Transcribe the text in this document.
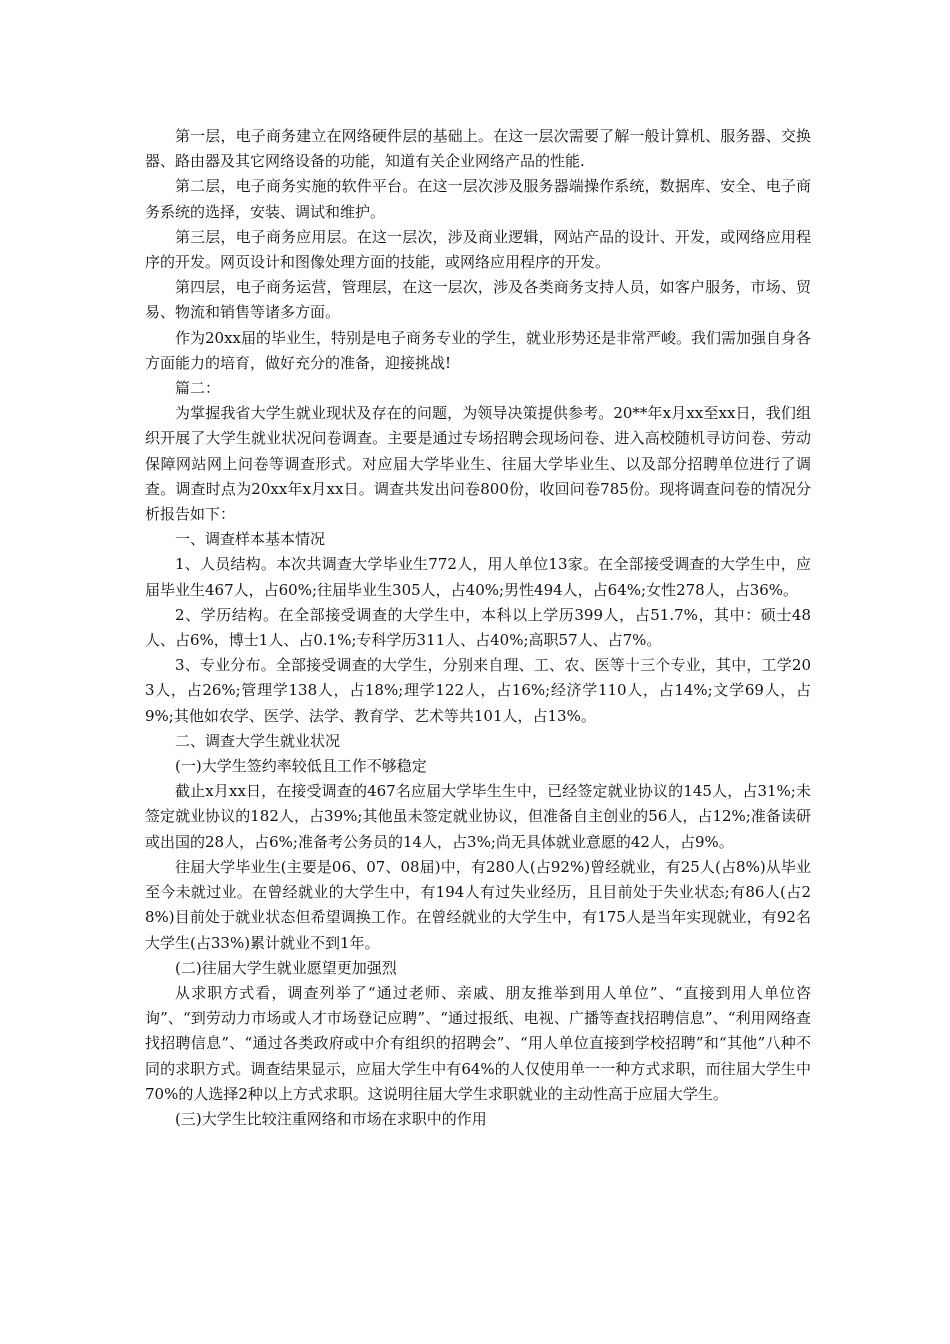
第一层，电子商务建立在网络硬件层的基础上。在这一层次需要了解一般计算机、服务器、交换器、路由器及其它网络设备的功能，知道有关企业网络产品的性能.

第二层，电子商务实施的软件平台。在这一层次涉及服务器端操作系统，数据库、安全、电子商务系统的选择，安装、调试和维护。

第三层，电子商务应用层。在这一层次，涉及商业逻辑，网站产品的设计、开发，或网络应用程序的开发。网页设计和图像处理方面的技能，或网络应用程序的开发。

第四层，电子商务运营，管理层，在这一层次，涉及各类商务支持人员，如客户服务，市场、贸易、物流和销售等诸多方面。

作为20xx届的毕业生，特别是电子商务专业的学生，就业形势还是非常严峻。我们需加强自身各方面能力的培育，做好充分的准备，迎接挑战!

篇二：

为掌握我省大学生就业现状及存在的问题，为领导决策提供参考。20**年x月xx至xx日，我们组织开展了大学生就业状况问卷调查。主要是通过专场招聘会现场问卷、进入高校随机寻访问卷、劳动保障网站网上问卷等调查形式。对应届大学毕业生、往届大学毕业生、以及部分招聘单位进行了调查。调查时点为20xx年x月xx日。调查共发出问卷800份，收回问卷785份。现将调查问卷的情况分析报告如下：

一、调查样本基本情况

1、人员结构。本次共调查大学毕业生772人，用人单位13家。在全部接受调查的大学生中，应届毕业生467人，占60%;往届毕业生305人，占40%;男性494人，占64%;女性278人，占36%。

2、学历结构。在全部接受调查的大学生中，本科以上学历399人，占51.7%，其中：硕士48人、占6%，博士1人、占0.1%;专科学历311人、占40%;高职57人、占7%。

3、专业分布。全部接受调查的大学生，分别来自理、工、农、医等十三个专业，其中，工学203人，占26%;管理学138人，占18%;理学122人，占16%;经济学110人，占14%;文学69人，占9%;其他如农学、医学、法学、教育学、艺术等共101人，占13%。

二、调查大学生就业状况

(一)大学生签约率较低且工作不够稳定

截止x月xx日，在接受调查的467名应届大学毕生生中，已经签定就业协议的145人，占31%;未签定就业协议的182人，占39%;其他虽未签定就业协议，但准备自主创业的56人，占12%;准备读研或出国的28人，占6%;准备考公务员的14人，占3%;尚无具体就业意愿的42人，占9%。

往届大学毕业生(主要是06、07、08届)中，有280人(占92%)曾经就业，有25人(占8%)从毕业至今未就过业。在曾经就业的大学生中，有194人有过失业经历，且目前处于失业状态;有86人(占28%)目前处于就业状态但希望调换工作。在曾经就业的大学生中，有175人是当年实现就业，有92名大学生(占33%)累计就业不到1年。

(二)往届大学生就业愿望更加强烈

从求职方式看，调查列举了“通过老师、亲戚、朋友推举到用人单位”、“直接到用人单位咨询”、“到劳动力市场或人才市场登记应聘”、“通过报纸、电视、广播等查找招聘信息”、“利用网络查找招聘信息”、“通过各类政府或中介有组织的招聘会”、“用人单位直接到学校招聘”和“其他”八种不同的求职方式。调查结果显示，应届大学生中有64%的人仅使用单一一种方式求职，而往届大学生中70%的人选择2种以上方式求职。这说明往届大学生求职就业的主动性高于应届大学生。

(三)大学生比较注重网络和市场在求职中的作用
